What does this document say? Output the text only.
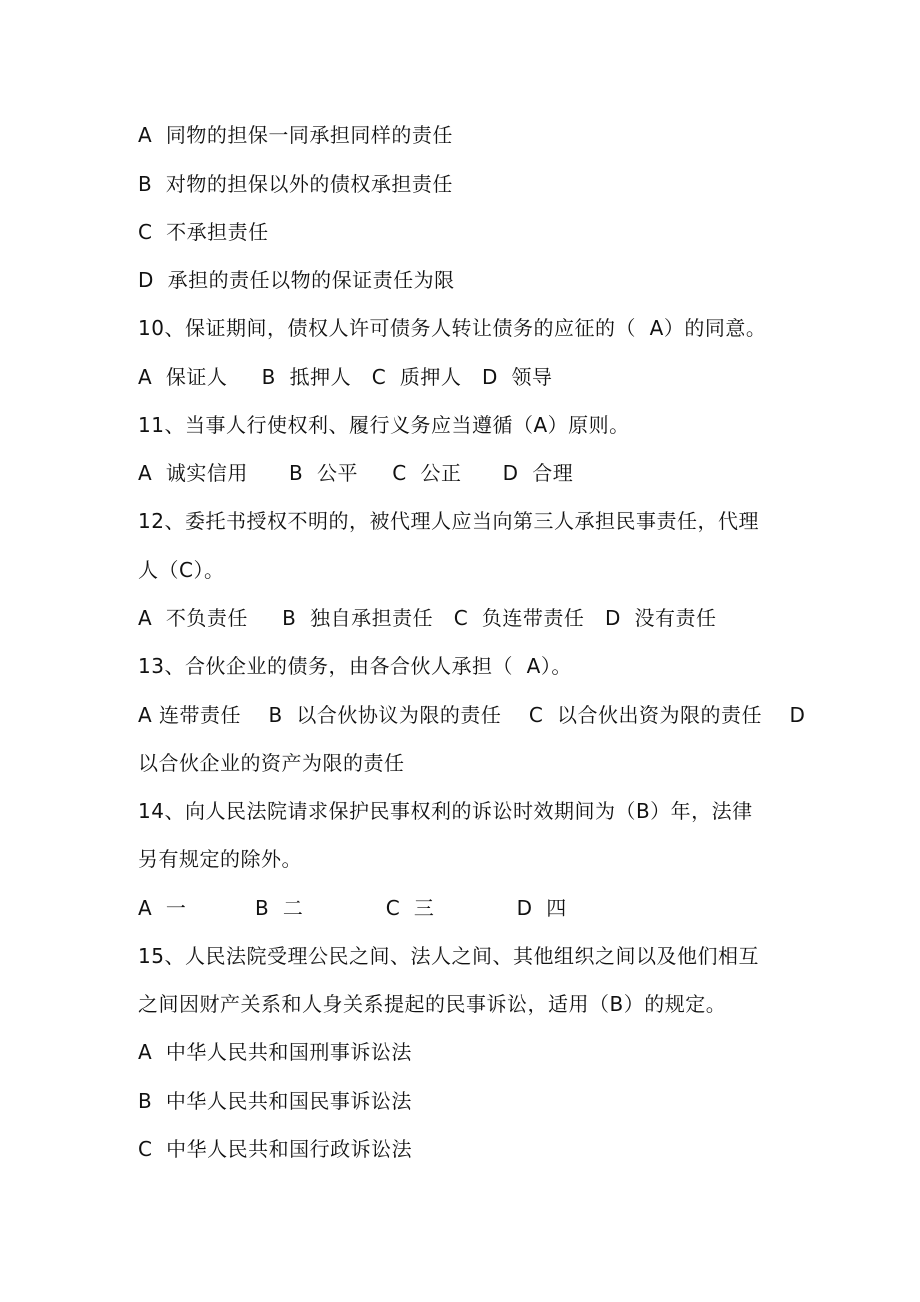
A  同物的担保一同承担同样的责任
B  对物的担保以外的债权承担责任
C  不承担责任
D  承担的责任以物的保证责任为限
10、保证期间，债权人许可债务人转让债务的应征的（  A）的同意。
A  保证人     B  抵押人   C  质押人   D  领导
11、当事人行使权利、履行义务应当遵循（A）原则。
A  诚实信用      B  公平     C  公正      D  合理
12、委托书授权不明的，被代理人应当向第三人承担民事责任，代理
人（C）。
A  不负责任     B  独自承担责任   C  负连带责任   D  没有责任
13、合伙企业的债务，由各合伙人承担（  A）。
A 连带责任    B  以合伙协议为限的责任    C  以合伙出资为限的责任    D
以合伙企业的资产为限的责任
14、向人民法院请求保护民事权利的诉讼时效期间为（B）年，法律
另有规定的除外。
A  一          B  二            C  三            D  四
15、人民法院受理公民之间、法人之间、其他组织之间以及他们相互
之间因财产关系和人身关系提起的民事诉讼，适用（B）的规定。
A  中华人民共和国刑事诉讼法
B  中华人民共和国民事诉讼法
C  中华人民共和国行政诉讼法
